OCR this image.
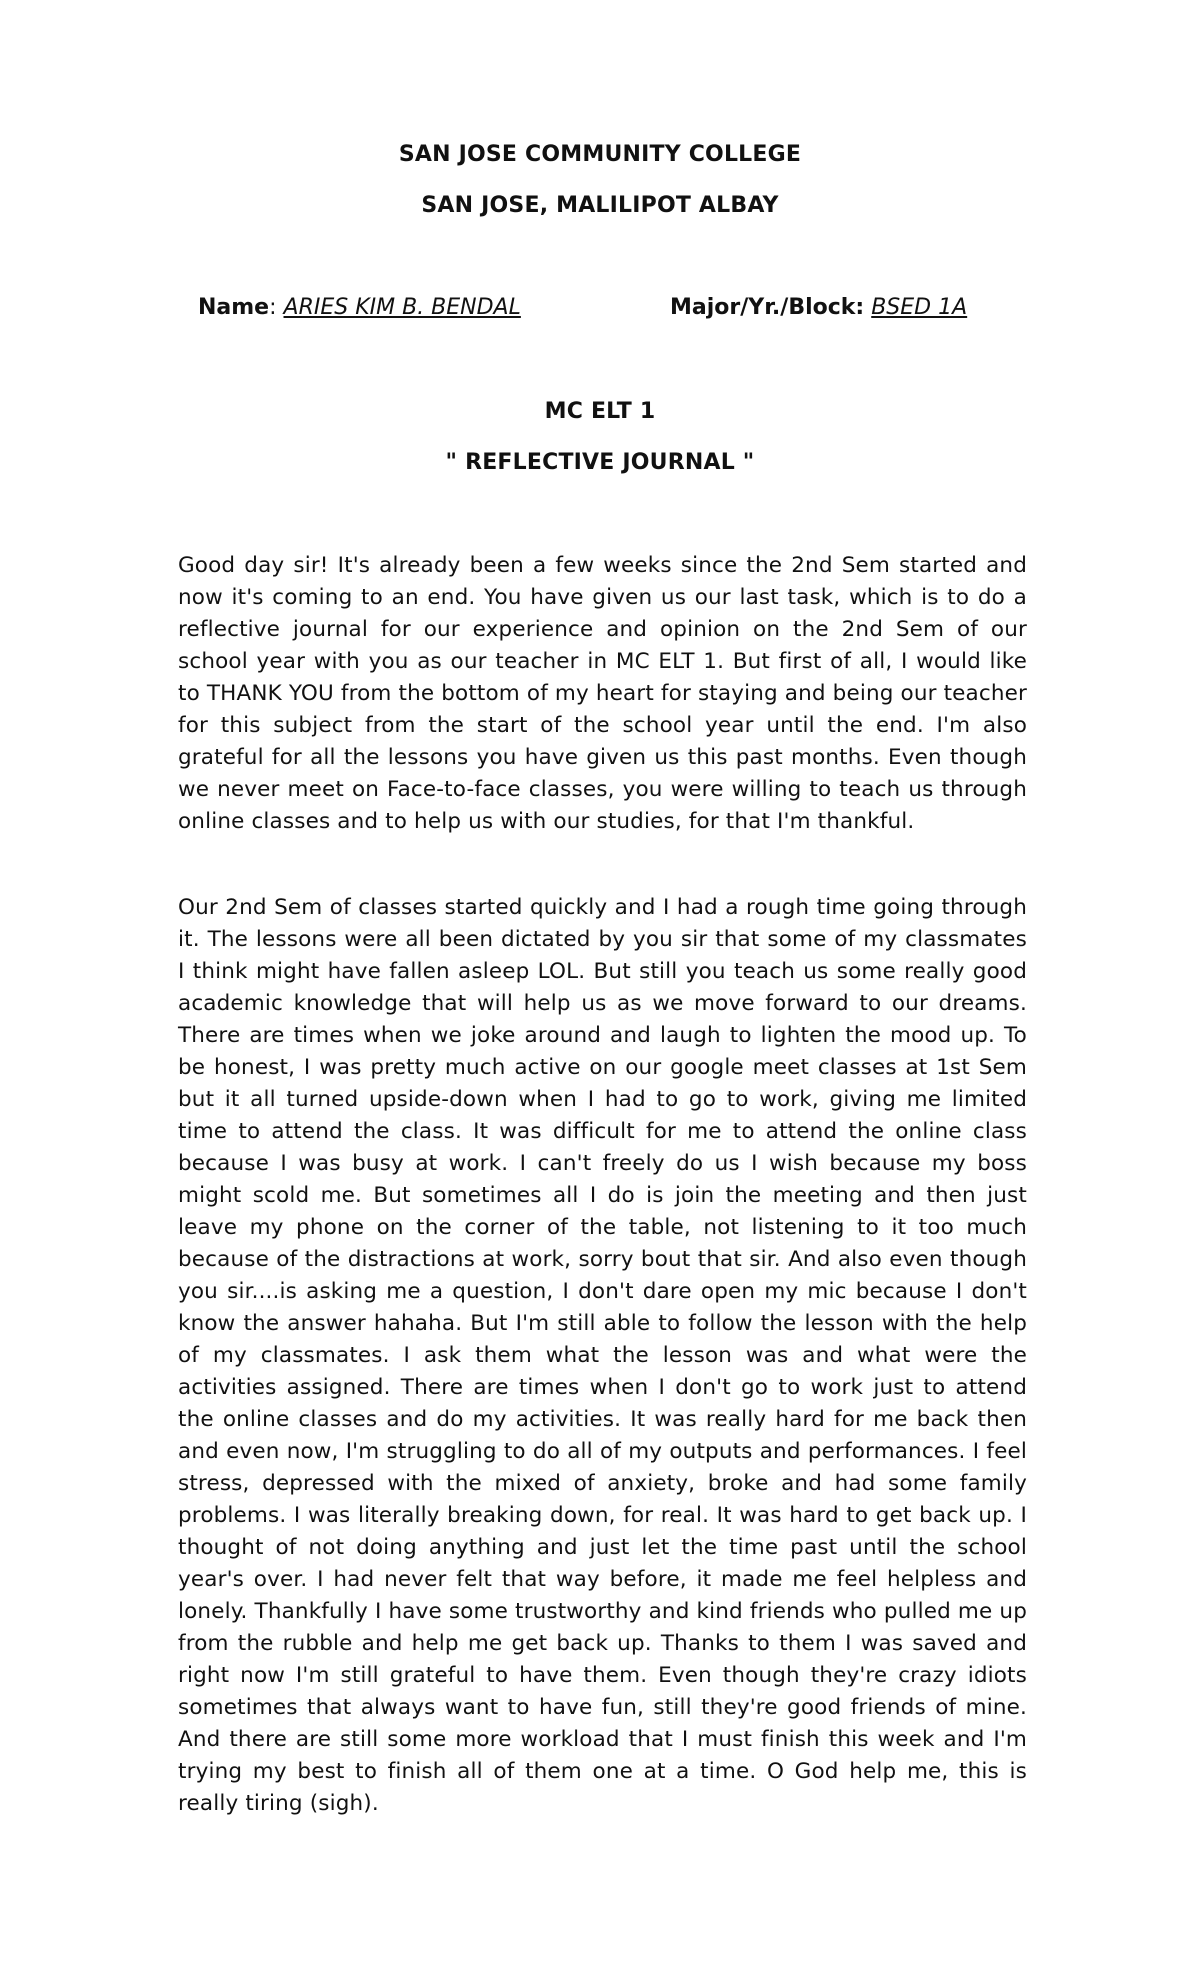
SAN JOSE COMMUNITY COLLEGE
SAN JOSE, MALILIPOT ALBAY
Name: ARIES KIM B. BENDAL	Major/Yr./Block: BSED 1A
MC ELT 1
" REFLECTIVE JOURNAL "

Good day sir! It's already been a few weeks since the 2nd Sem started and now it's coming to an end. You have given us our last task, which is to do a reflective journal for our experience and opinion on the 2nd Sem of our school year with you as our teacher in MC ELT 1. But first of all, I would like to THANK YOU from the bottom of my heart for staying and being our teacher for this subject from the start of the school year until the end. I'm also grateful for all the lessons you have given us this past months. Even though we never meet on Face-to-face classes, you were willing to teach us through online classes and to help us with our studies, for that I'm thankful.

Our 2nd Sem of classes started quickly and I had a rough time going through it. The lessons were all been dictated by you sir that some of my classmates I think might have fallen asleep LOL. But still you teach us some really good academic knowledge that will help us as we move forward to our dreams. There are times when we joke around and laugh to lighten the mood up. To be honest, I was pretty much active on our google meet classes at 1st Sem but it all turned upside-down when I had to go to work, giving me limited time to attend the class. It was difficult for me to attend the online class because I was busy at work. I can't freely do us I wish because my boss might scold me. But sometimes all I do is join the meeting and then just leave my phone on the corner of the table, not listening to it too much because of the distractions at work, sorry bout that sir. And also even though you sir....is asking me a question, I don't dare open my mic because I don't know the answer hahaha. But I'm still able to follow the lesson with the help of my classmates. I ask them what the lesson was and what were the activities assigned. There are times when I don't go to work just to attend the online classes and do my activities. It was really hard for me back then and even now, I'm struggling to do all of my outputs and performances. I feel stress, depressed with the mixed of anxiety, broke and had some family problems. I was literally breaking down, for real. It was hard to get back up. I thought of not doing anything and just let the time past until the school year's over. I had never felt that way before, it made me feel helpless and lonely. Thankfully I have some trustworthy and kind friends who pulled me up from the rubble and help me get back up. Thanks to them I was saved and right now I'm still grateful to have them. Even though they're crazy idiots sometimes that always want to have fun, still they're good friends of mine. And there are still some more workload that I must finish this week and I'm trying my best to finish all of them one at a time. O God help me, this is really tiring (sigh).
